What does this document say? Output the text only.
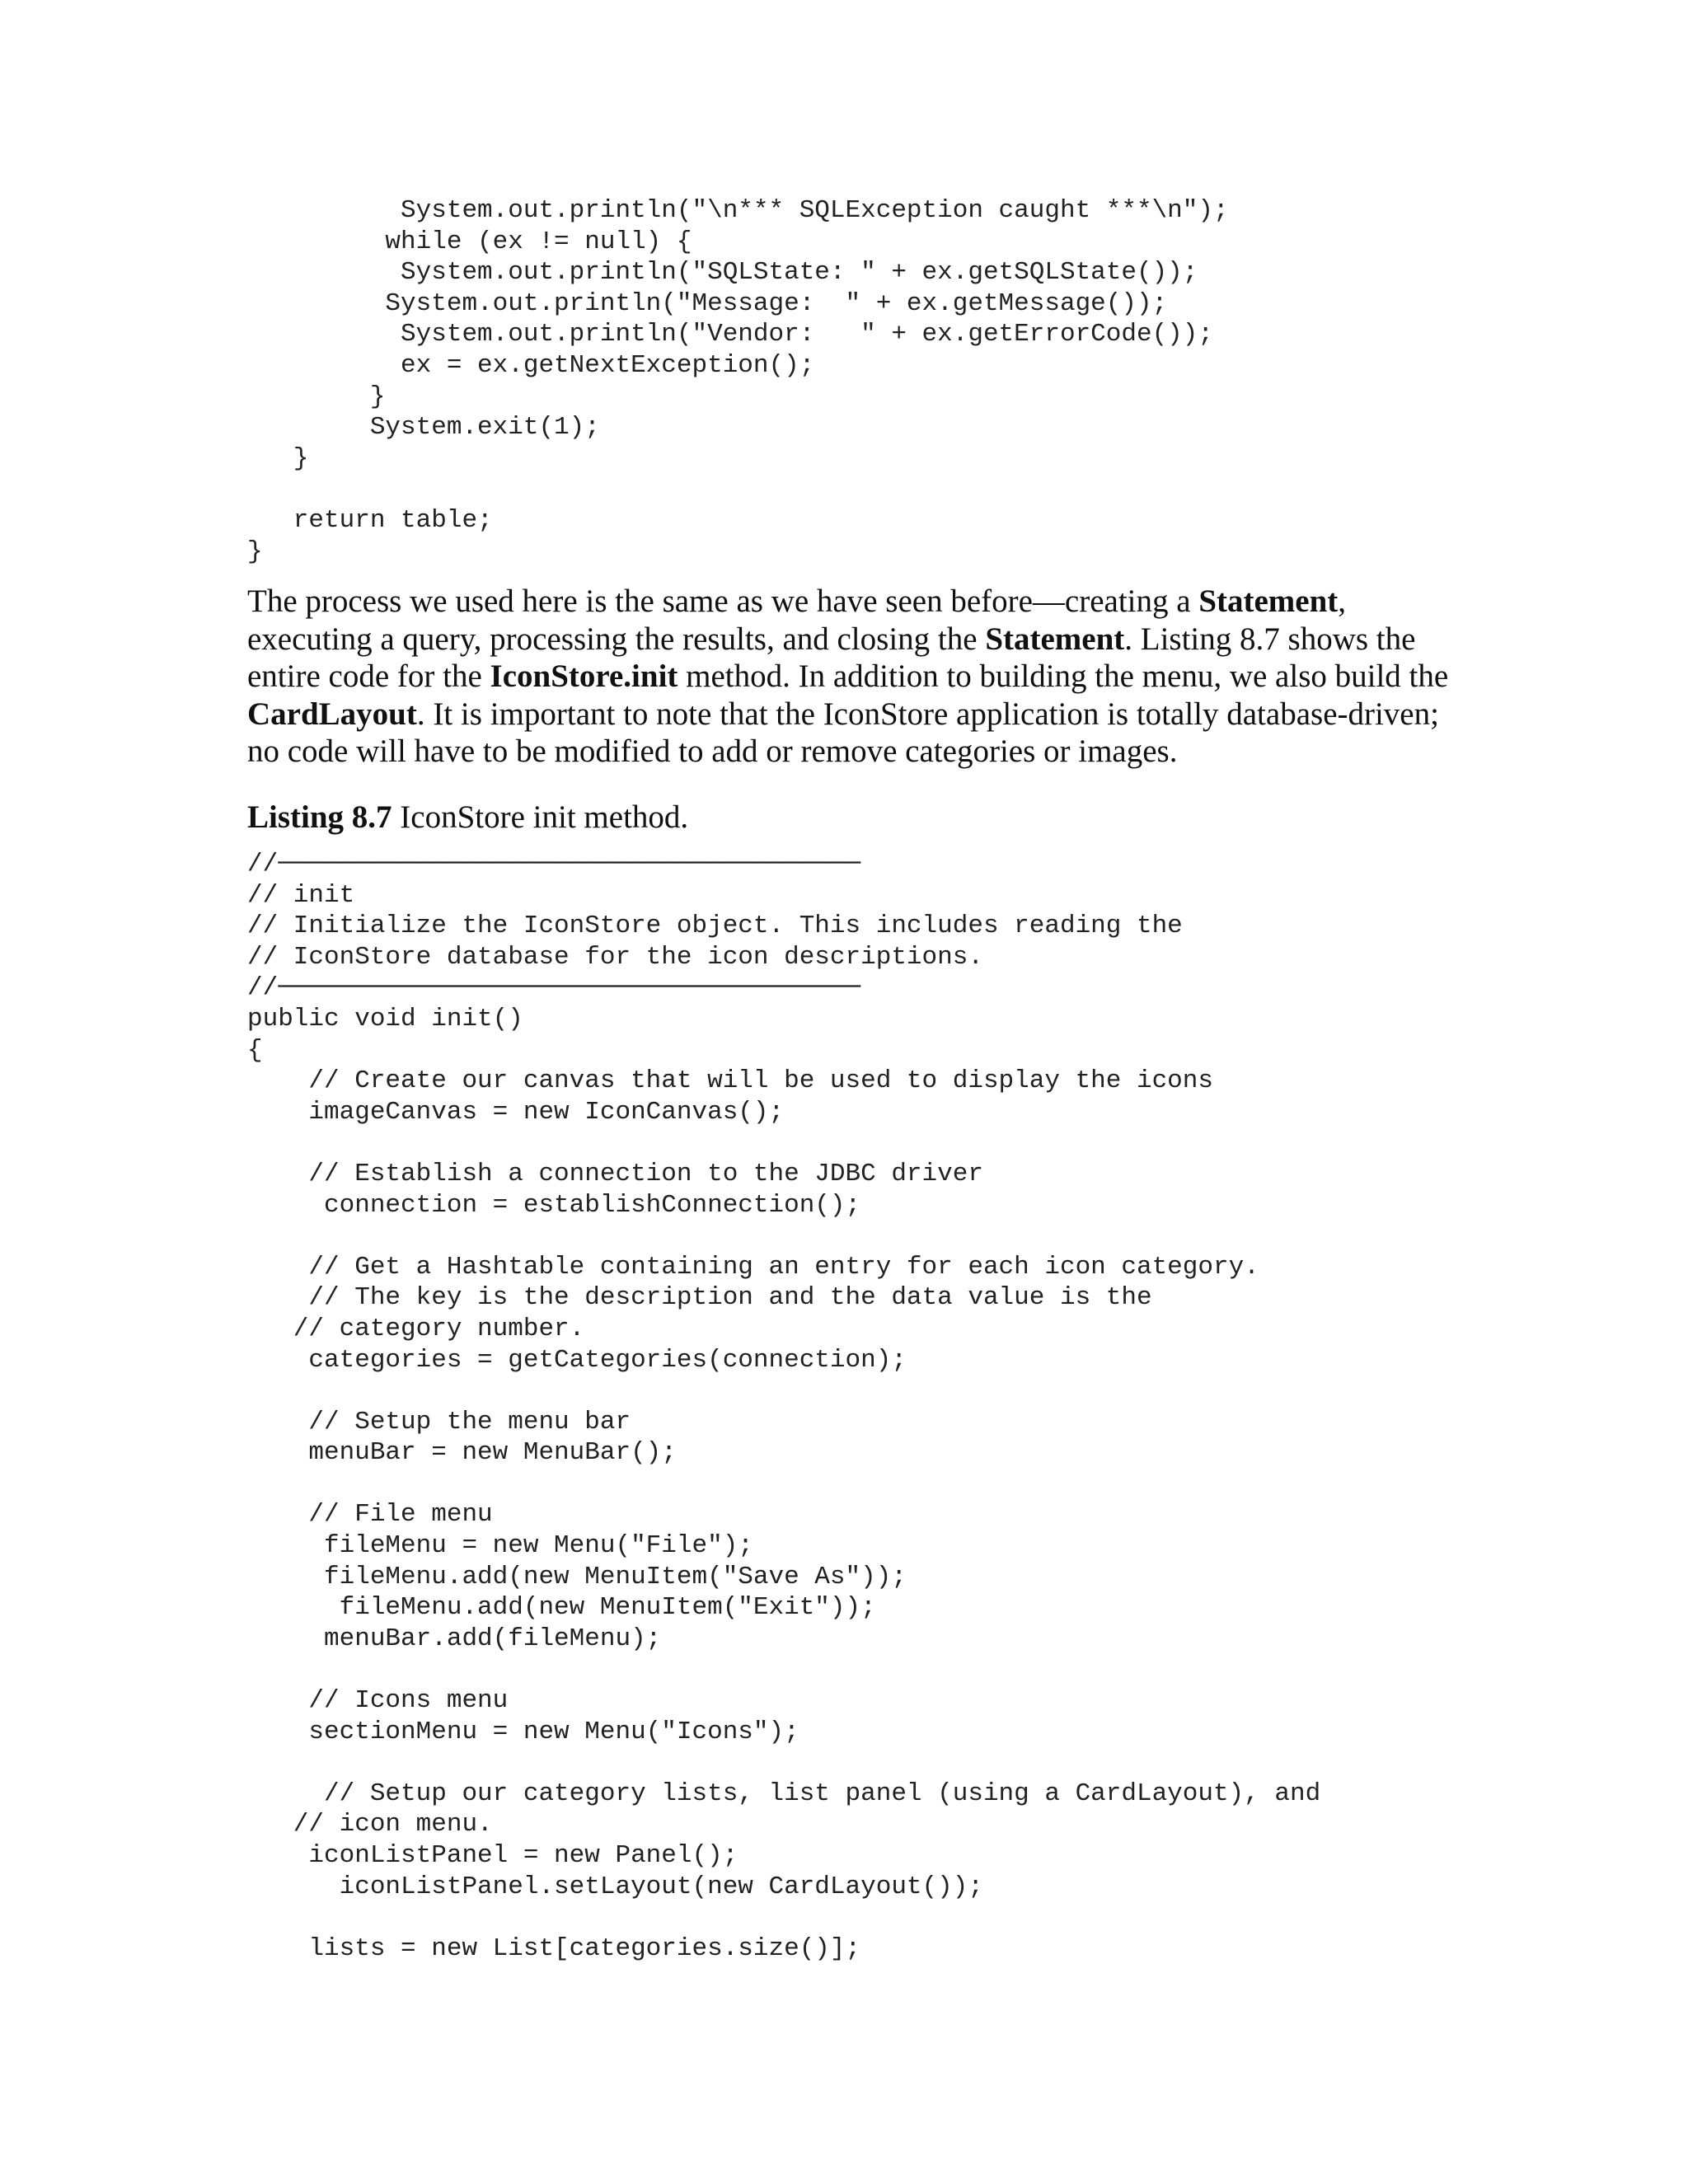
System.out.println("\n*** SQLException caught ***\n");
while (ex != null) {
System.out.println("SQLState: " + ex.getSQLState());
System.out.println("Message:  " + ex.getMessage());
System.out.println("Vendor:   " + ex.getErrorCode());
ex = ex.getNextException();
}
System.exit(1);
}
return table;
}
The process we used here is the same as we have seen before—creating a Statement, executing a query, processing the results, and closing the Statement. Listing 8.7 shows the entire code for the IconStore.init method. In addition to building the menu, we also build the CardLayout. It is important to note that the IconStore application is totally database-driven; no code will have to be modified to add or remove categories or images.
Listing 8.7 IconStore init method.
//──────────────────────────────────────
// init
// Initialize the IconStore object. This includes reading the
// IconStore database for the icon descriptions.
//──────────────────────────────────────
public void init()
{
// Create our canvas that will be used to display the icons
imageCanvas = new IconCanvas();
// Establish a connection to the JDBC driver
connection = establishConnection();
// Get a Hashtable containing an entry for each icon category.
// The key is the description and the data value is the
// category number.
categories = getCategories(connection);
// Setup the menu bar
menuBar = new MenuBar();
// File menu
fileMenu = new Menu("File");
fileMenu.add(new MenuItem("Save As"));
fileMenu.add(new MenuItem("Exit"));
menuBar.add(fileMenu);
// Icons menu
sectionMenu = new Menu("Icons");
// Setup our category lists, list panel (using a CardLayout), and
// icon menu.
iconListPanel = new Panel();
iconListPanel.setLayout(new CardLayout());
lists = new List[categories.size()];
